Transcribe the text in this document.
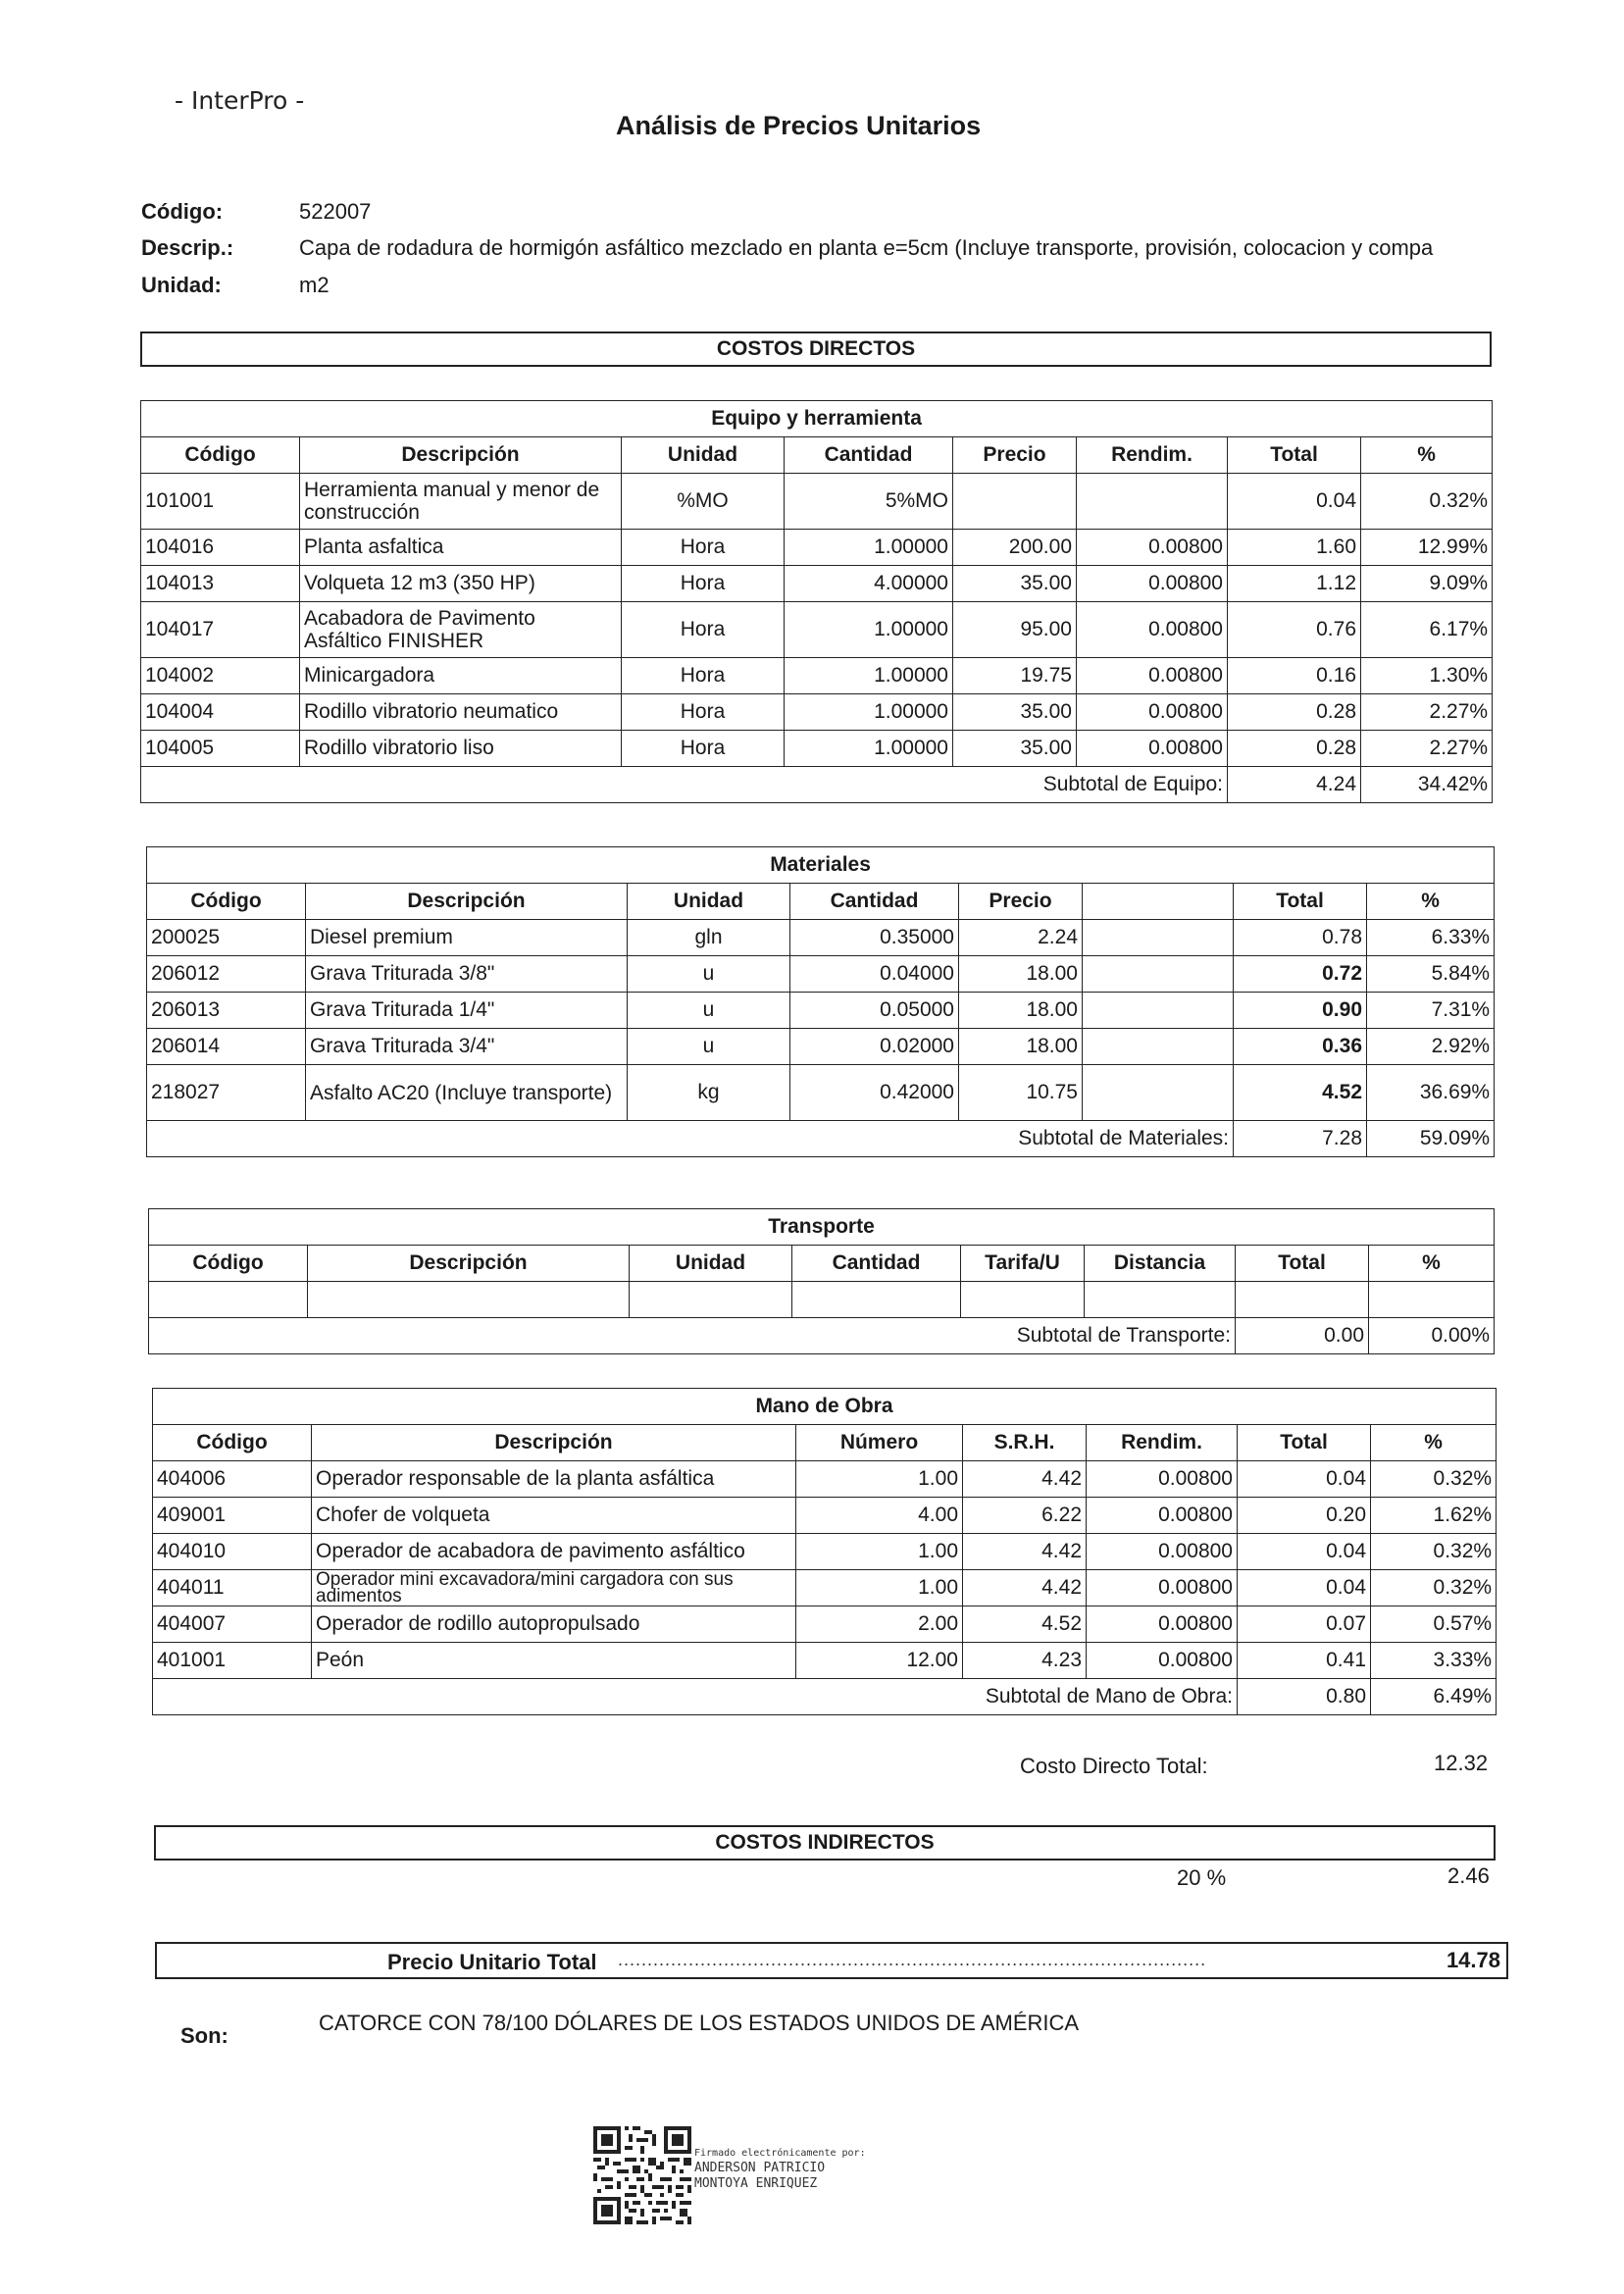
- InterPro -
Análisis de Precios Unitarios
Código:	522007
Descrip.:	Capa de rodadura de hormigón asfáltico mezclado en planta e=5cm (Incluye transporte, provisión, colocacion y compa
Unidad:	m2
COSTOS DIRECTOS
Equipo y herramienta							
Código	Descripción	Unidad	Cantidad	Precio	Rendim.	Total	%
101001	Herramienta manual y menor de construcción	%MO	5%MO			0.04	0.32%
104016	Planta asfaltica	Hora	1.00000	200.00	0.00800	1.60	12.99%
104013	Volqueta 12 m3 (350 HP)	Hora	4.00000	35.00	0.00800	1.12	9.09%
104017	Acabadora de Pavimento Asfáltico FINISHER	Hora	1.00000	95.00	0.00800	0.76	6.17%
104002	Minicargadora	Hora	1.00000	19.75	0.00800	0.16	1.30%
104004	Rodillo vibratorio neumatico	Hora	1.00000	35.00	0.00800	0.28	2.27%
104005	Rodillo vibratorio liso	Hora	1.00000	35.00	0.00800	0.28	2.27%
			Subtotal de Equipo:			4.24	34.42%
Materiales							
Código	Descripción	Unidad	Cantidad	Precio		Total	%
200025	Diesel premium	gln	0.35000	2.24		0.78	6.33%
206012	Grava Triturada 3/8"	u	0.04000	18.00		0.72	5.84%
206013	Grava Triturada 1/4"	u	0.05000	18.00		0.90	7.31%
206014	Grava Triturada 3/4"	u	0.02000	18.00		0.36	2.92%
218027	Asfalto AC20 (Incluye transporte)	kg	0.42000	10.75		4.52	36.69%
			Subtotal de Materiales:			7.28	59.09%
Transporte							
Código	Descripción	Unidad	Cantidad	Tarifa/U	Distancia	Total	%

			Subtotal de Transporte:			0.00	0.00%
Mano de Obra						
Código	Descripción	Número	S.R.H.	Rendim.	Total	%
404006	Operador responsable de la planta asfáltica	1.00	4.42	0.00800	0.04	0.32%
409001	Chofer de volqueta	4.00	6.22	0.00800	0.20	1.62%
404010	Operador de acabadora de pavimento asfáltico	1.00	4.42	0.00800	0.04	0.32%
404011	Operador mini excavadora/mini cargadora con sus adimentos	1.00	4.42	0.00800	0.04	0.32%
404007	Operador de rodillo autopropulsado	2.00	4.52	0.00800	0.07	0.57%
401001	Peón	12.00	4.23	0.00800	0.41	3.33%
		Subtotal de Mano de Obra:			0.80	6.49%
Costo Directo Total:	12.32
COSTOS INDIRECTOS
20 %	2.46
Precio Unitario Total ....................................................................................................	14.78
Son:
CATORCE CON 78/100 DÓLARES DE LOS ESTADOS UNIDOS DE AMÉRICA
Firmado electrónicamente por:
ANDERSON PATRICIO
MONTOYA ENRIQUEZ
